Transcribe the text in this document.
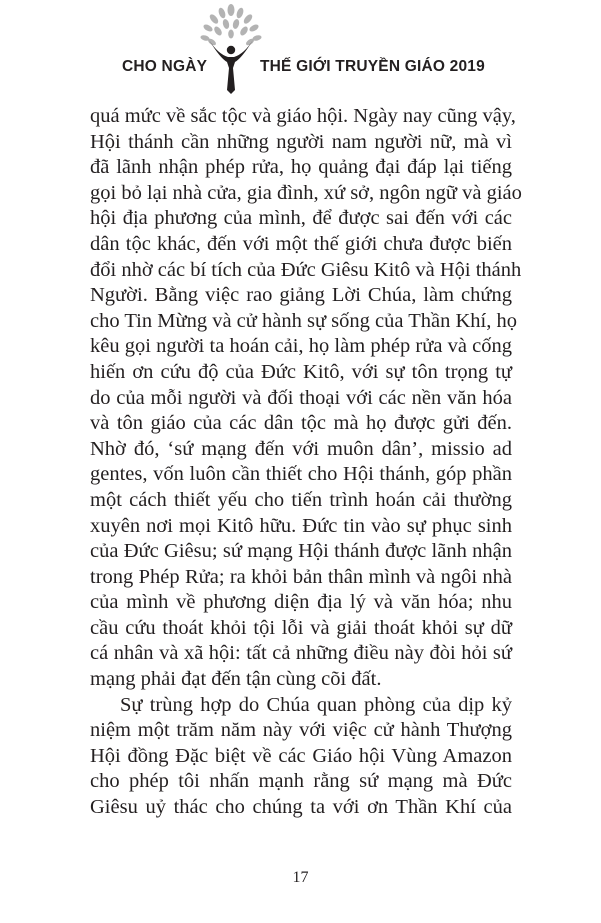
CHO NGÀY	THẾ GIỚI TRUYỀN GIÁO 2019
quá mức về sắc tộc và giáo hội. Ngày nay cũng vậy,
Hội thánh cần những người nam người nữ, mà vì
đã lãnh nhận phép rửa, họ quảng đại đáp lại tiếng
gọi bỏ lại nhà cửa, gia đình, xứ sở, ngôn ngữ và giáo
hội địa phương của mình, để được sai đến với các
dân tộc khác, đến với một thế giới chưa được biến
đổi nhờ các bí tích của Đức Giêsu Kitô và Hội thánh
Người. Bằng việc rao giảng Lời Chúa, làm chứng
cho Tin Mừng và cử hành sự sống của Thần Khí, họ
kêu gọi người ta hoán cải, họ làm phép rửa và cống
hiến ơn cứu độ của Đức Kitô, với sự tôn trọng tự
do của mỗi người và đối thoại với các nền văn hóa
và tôn giáo của các dân tộc mà họ được gửi đến.
Nhờ đó, ‘sứ mạng đến với muôn dân’, missio ad
gentes, vốn luôn cần thiết cho Hội thánh, góp phần
một cách thiết yếu cho tiến trình hoán cải thường
xuyên nơi mọi Kitô hữu. Đức tin vào sự phục sinh
của Đức Giêsu; sứ mạng Hội thánh được lãnh nhận
trong Phép Rửa; ra khỏi bản thân mình và ngôi nhà
của mình về phương diện địa lý và văn hóa; nhu
cầu cứu thoát khỏi tội lỗi và giải thoát khỏi sự dữ
cá nhân và xã hội: tất cả những điều này đòi hỏi sứ
mạng phải đạt đến tận cùng cõi đất.
Sự trùng hợp do Chúa quan phòng của dịp kỷ
niệm một trăm năm này với việc cử hành Thượng
Hội đồng Đặc biệt về các Giáo hội Vùng Amazon
cho phép tôi nhấn mạnh rằng sứ mạng mà Đức
Giêsu uỷ thác cho chúng ta với ơn Thần Khí của
17
